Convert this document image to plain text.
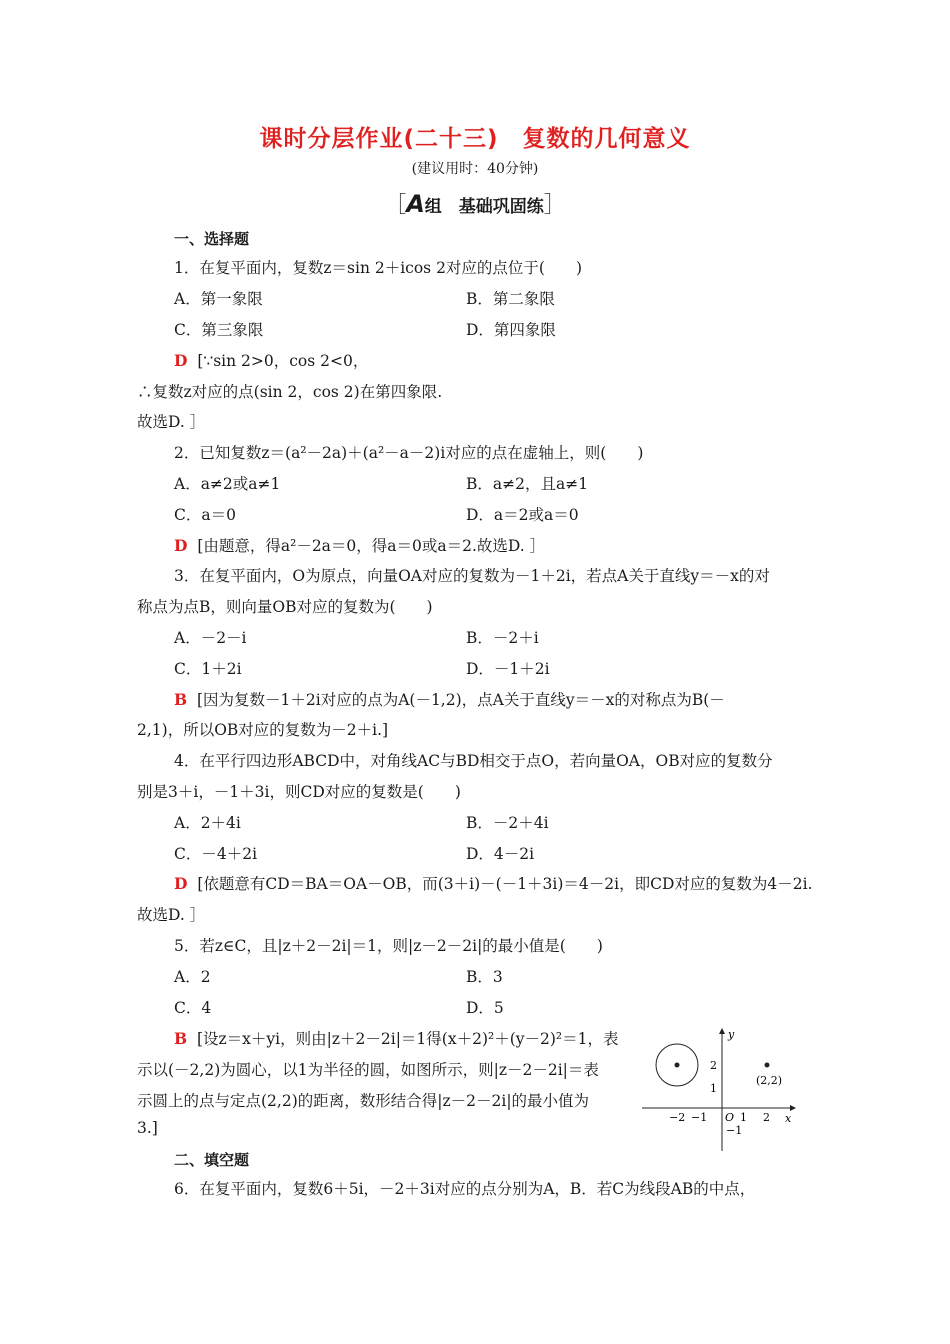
课时分层作业(二十三)　复数的几何意义
(建议用时：40分钟)
［A组　基础巩固练］
一、选择题
1．在复平面内，复数z＝sin 2＋icos 2对应的点位于(　　)
A．第一象限	B．第二象限
C．第三象限	D．第四象限
D [∵sin 2>0，cos 2<0，
∴复数z对应的点(sin 2，cos 2)在第四象限.
故选D. ］
2．已知复数z＝(a²－2a)＋(a²－a－2)i对应的点在虚轴上，则(　　)
A．a≠2或a≠1	B．a≠2，且a≠1
C．a＝0	D．a＝2或a＝0
D [由题意，得a²－2a＝0，得a＝0或a＝2.故选D. ］
3．在复平面内，O为原点，向量OA对应的复数为－1＋2i，若点A关于直线y＝－x的对
称点为点B，则向量OB对应的复数为(　　)
A．－2－i	B．－2＋i
C．1＋2i	D．－1＋2i
B [因为复数－1＋2i对应的点为A(－1,2)，点A关于直线y＝－x的对称点为B(－
2,1)，所以OB对应的复数为－2＋i.]
4．在平行四边形ABCD中，对角线AC与BD相交于点O，若向量OA，OB对应的复数分
别是3＋i，－1＋3i，则CD对应的复数是(　　)
A．2＋4i	B．－2＋4i
C．－4＋2i	D．4－2i
D [依题意有CD＝BA＝OA－OB，而(3＋i)－(－1＋3i)＝4－2i，即CD对应的复数为4－2i.
故选D. ］
5．若z∈C，且|z＋2－2i|＝1，则|z－2－2i|的最小值是(　　)
A．2	B．3
C．4	D．5
B [设z＝x＋yi，则由|z＋2－2i|＝1得(x＋2)²＋(y－2)²＝1，表
示以(－2,2)为圆心，以1为半径的圆，如图所示，则|z－2－2i|＝表
示圆上的点与定点(2,2)的距离，数形结合得|z－2－2i|的最小值为
3.]
y
x
O
−2 −1	1 2
2
1
−1
(2,2)
二、填空题
6．在复平面内，复数6＋5i，－2＋3i对应的点分别为A，B．若C为线段AB的中点，
